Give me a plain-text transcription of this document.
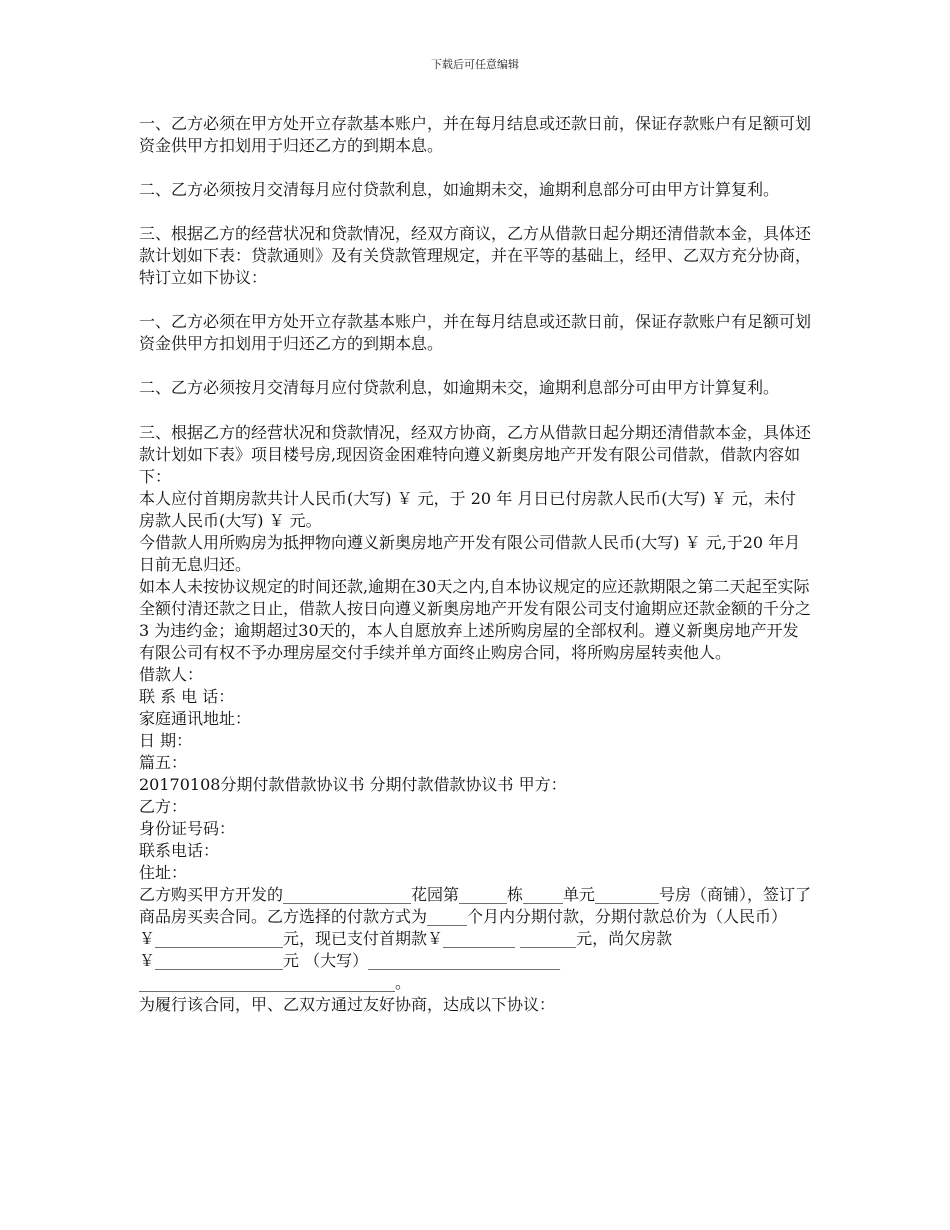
下载后可任意编辑

一、乙方必须在甲方处开立存款基本账户，并在每月结息或还款日前，保证存款账户有足额可划资金供甲方扣划用于归还乙方的到期本息。

二、乙方必须按月交清每月应付贷款利息，如逾期未交，逾期利息部分可由甲方计算复利。

三、根据乙方的经营状况和贷款情况，经双方商议，乙方从借款日起分期还清借款本金，具体还款计划如下表：贷款通则》及有关贷款管理规定，并在平等的基础上，经甲、乙双方充分协商，特订立如下协议：

一、乙方必须在甲方处开立存款基本账户，并在每月结息或还款日前，保证存款账户有足额可划资金供甲方扣划用于归还乙方的到期本息。

二、乙方必须按月交清每月应付贷款利息，如逾期未交，逾期利息部分可由甲方计算复利。

三、根据乙方的经营状况和贷款情况，经双方协商，乙方从借款日起分期还清借款本金，具体还款计划如下表》项目楼号房,现因资金困难特向遵义新奥房地产开发有限公司借款，借款内容如下：

本人应付首期房款共计人民币(大写) ￥ 元，于 20 年 月日已付房款人民币(大写) ￥ 元，未付房款人民币(大写) ￥ 元。

今借款人用所购房为抵押物向遵义新奥房地产开发有限公司借款人民币(大写) ￥ 元,于20 年月日前无息归还。

如本人未按协议规定的时间还款,逾期在30天之内,自本协议规定的应还款期限之第二天起至实际全额付清还款之日止，借款人按日向遵义新奥房地产开发有限公司支付逾期应还款金额的千分之 3 为违约金；逾期超过30天的，本人自愿放弃上述所购房屋的全部权利。遵义新奥房地产开发有限公司有权不予办理房屋交付手续并单方面终止购房合同，将所购房屋转卖他人。

借款人：

联 系 电 话：

家庭通讯地址：

日 期：

篇五：

20170108分期付款借款协议书 分期付款借款协议书 甲方：

乙方：

身份证号码：

联系电话：

住址：

乙方购买甲方开发的________________花园第______栋_____单元________号房（商铺），签订了商品房买卖合同。乙方选择的付款方式为_____个月内分期付款，分期付款总价为（人民币） ￥________________元，现已支付首期款￥_________ _______元，尚欠房款￥________________元 （大写）________________________ ________________________________。

为履行该合同，甲、乙双方通过友好协商，达成以下协议：
